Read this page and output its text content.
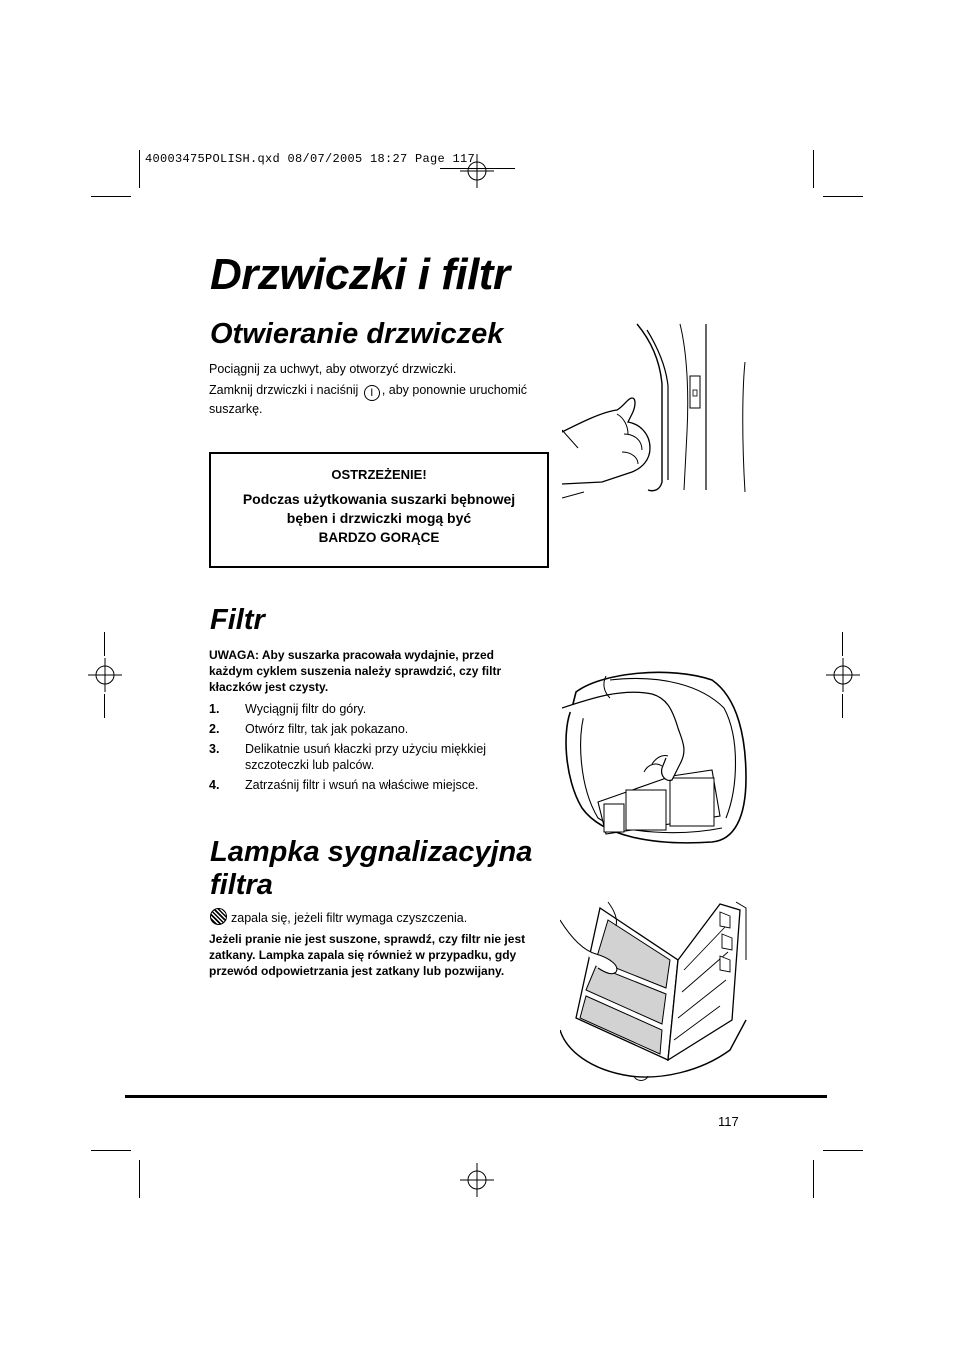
40003475POLISH.qxd 08/07/2005 18:27 Page 117
Drzwiczki i filtr
Otwieranie drzwiczek

Pociągnij za uchwyt, aby otworzyć drzwiczki.

Zamknij drzwiczki i naciśnij I , aby ponownie uruchomić suszarkę.

OSTRZEŻENIE!
Podczas użytkowania suszarki bębnowej bęben i drzwiczki mogą być
BARDZO GORĄCE
Filtr

UWAGA: Aby suszarka pracowała wydajnie, przed każdym cyklem suszenia należy sprawdzić, czy filtr kłaczków jest czysty.

1. Wyciągnij filtr do góry.
2. Otwórz filtr, tak jak pokazano.
3. Delikatnie usuń kłaczki przy użyciu miękkiej szczoteczki lub palców.
4. Zatrzaśnij filtr i wsuń na właściwe miejsce.
Lampka sygnalizacyjna filtra

zapala się, jeżeli filtr wymaga czyszczenia.

Jeżeli pranie nie jest suszone, sprawdź, czy filtr nie jest zatkany. Lampka zapala się również w przypadku, gdy przewód odpowietrzania jest zatkany lub pozwijany.

117
